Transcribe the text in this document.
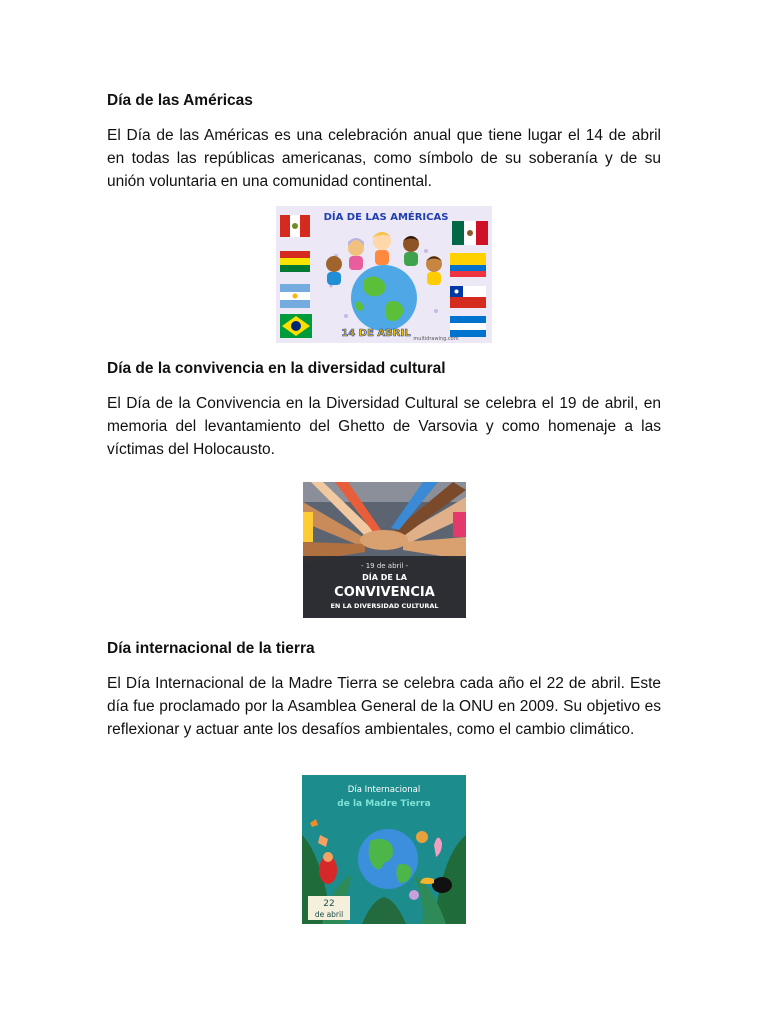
Día de las Américas

El Día de las Américas es una celebración anual que tiene lugar el 14 de abril en todas las repúblicas americanas, como símbolo de su soberanía y de su unión voluntaria en una comunidad continental.

DÍA DE LAS AMÉRICAS
14 DE ABRIL multidrawing.com
Día de la convivencia en la diversidad cultural

El Día de la Convivencia en la Diversidad Cultural se celebra el 19 de abril, en memoria del levantamiento del Ghetto de Varsovia y como homenaje a las víctimas del Holocausto.

- 19 de abril -
DÍA DE LA
CONVIVENCIA
EN LA DIVERSIDAD CULTURAL
Día internacional de la tierra

El Día Internacional de la Madre Tierra se celebra cada año el 22 de abril. Este día fue proclamado por la Asamblea General de la ONU en 2009. Su objetivo es reflexionar y actuar ante los desafíos ambientales, como el cambio climático.

Día Internacional
de la Madre Tierra
22
de abril
